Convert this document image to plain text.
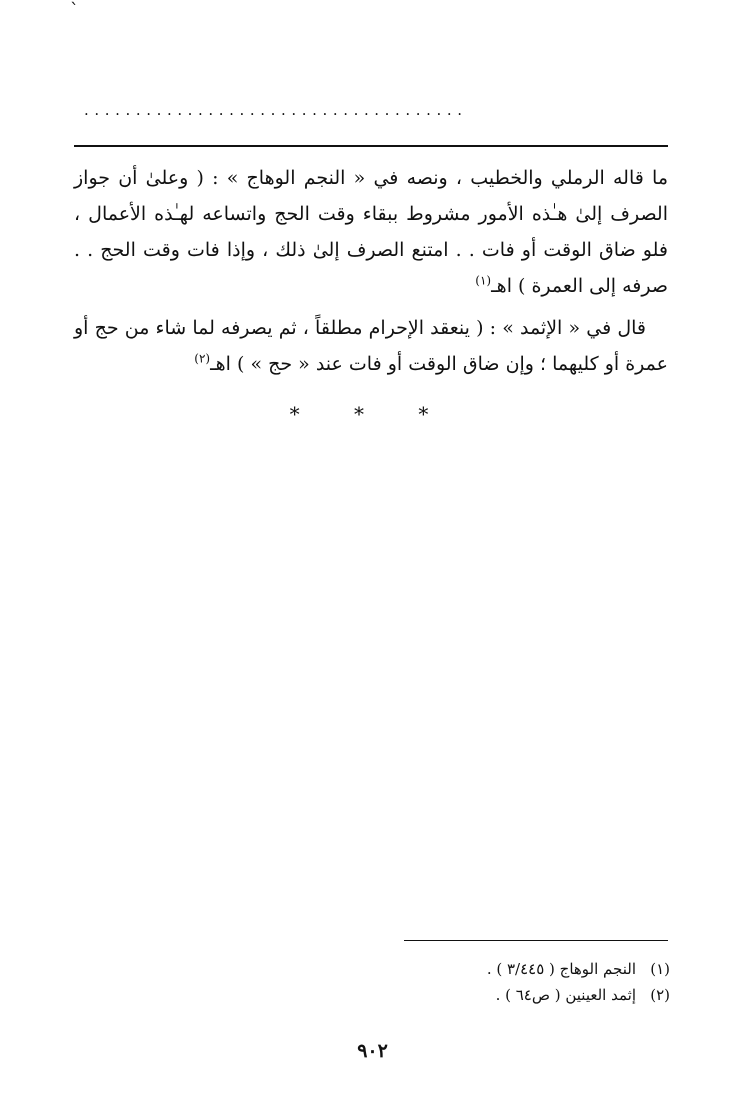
`
.....................................

ما قاله الرملي والخطيب ، ونصه في « النجم الوهاج » : ( وعلىٰ أن جواز الصرف إلىٰ هـٰذه الأمور مشروط ببقاء وقت الحج واتساعه لهـٰذه الأعمال ، فلو ضاق الوقت أو فات . . امتنع الصرف إلىٰ ذلك ، وإذا فات وقت الحج . . صرفه إلى العمرة ) اهـ$^{(١)}$

قال في « الإثمد » : ( ينعقد الإحرام مطلقاً ، ثم يصرفه لما شاء من حج أو عمرة أو كليهما ؛ وإن ضاق الوقت أو فات عند « حج » ) اهـ$^{(٢)}$

* * *
(١)
النجم الوهاج ( ٣/٤٤٥ ) .
(٢)
إثمد العينين ( ص٦٤ ) .
٩٠٢
